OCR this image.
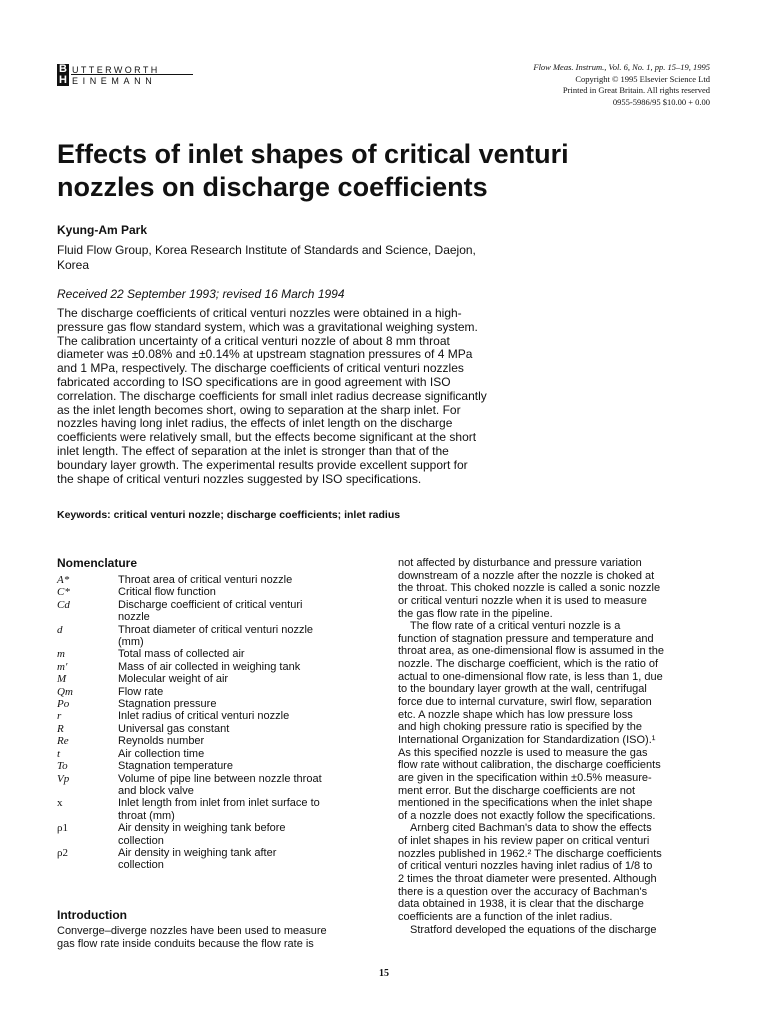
B UTTERWORTH
H EINEMANN
Flow Meas. Instrum., Vol. 6, No. 1, pp. 15–19, 1995
Copyright © 1995 Elsevier Science Ltd
Printed in Great Britain. All rights reserved
0955-5986/95 $10.00 + 0.00
Effects of inlet shapes of critical venturi
nozzles on discharge coefficients
Kyung-Am Park
Fluid Flow Group, Korea Research Institute of Standards and Science, Daejon,
Korea
Received 22 September 1993; revised 16 March 1994
The discharge coefficients of critical venturi nozzles were obtained in a high-
pressure gas flow standard system, which was a gravitational weighing system.
The calibration uncertainty of a critical venturi nozzle of about 8 mm throat
diameter was ±0.08% and ±0.14% at upstream stagnation pressures of 4 MPa
and 1 MPa, respectively. The discharge coefficients of critical venturi nozzles
fabricated according to ISO specifications are in good agreement with ISO
correlation. The discharge coefficients for small inlet radius decrease significantly
as the inlet length becomes short, owing to separation at the sharp inlet. For
nozzles having long inlet radius, the effects of inlet length on the discharge
coefficients were relatively small, but the effects become significant at the short
inlet length. The effect of separation at the inlet is stronger than that of the
boundary layer growth. The experimental results provide excellent support for
the shape of critical venturi nozzles suggested by ISO specifications.
Keywords: critical venturi nozzle; discharge coefficients; inlet radius
Nomenclature
A*	Throat area of critical venturi nozzle
C*	Critical flow function
Cd	Discharge coefficient of critical venturi
nozzle
d	Throat diameter of critical venturi nozzle
(mm)
m	Total mass of collected air
m′	Mass of air collected in weighing tank
M	Molecular weight of air
Qm	Flow rate
Po	Stagnation pressure
r	Inlet radius of critical venturi nozzle
R	Universal gas constant
Re	Reynolds number
t	Air collection time
To	Stagnation temperature
Vp	Volume of pipe line between nozzle throat
and block valve
x	Inlet length from inlet from inlet surface to
throat (mm)
ρ1	Air density in weighing tank before
collection
ρ2	Air density in weighing tank after
collection
Introduction
Converge–diverge nozzles have been used to measure
gas flow rate inside conduits because the flow rate is
not affected by disturbance and pressure variation
downstream of a nozzle after the nozzle is choked at
the throat. This choked nozzle is called a sonic nozzle
or critical venturi nozzle when it is used to measure
the gas flow rate in the pipeline.
The flow rate of a critical venturi nozzle is a
function of stagnation pressure and temperature and
throat area, as one-dimensional flow is assumed in the
nozzle. The discharge coefficient, which is the ratio of
actual to one-dimensional flow rate, is less than 1, due
to the boundary layer growth at the wall, centrifugal
force due to internal curvature, swirl flow, separation
etc. A nozzle shape which has low pressure loss
and high choking pressure ratio is specified by the
International Organization for Standardization (ISO).¹
As this specified nozzle is used to measure the gas
flow rate without calibration, the discharge coefficients
are given in the specification within ±0.5% measure-
ment error. But the discharge coefficients are not
mentioned in the specifications when the inlet shape
of a nozzle does not exactly follow the specifications.
Arnberg cited Bachman's data to show the effects
of inlet shapes in his review paper on critical venturi
nozzles published in 1962.² The discharge coefficients
of critical venturi nozzles having inlet radius of 1/8 to
2 times the throat diameter were presented. Although
there is a question over the accuracy of Bachman's
data obtained in 1938, it is clear that the discharge
coefficients are a function of the inlet radius.
Stratford developed the equations of the discharge
15
